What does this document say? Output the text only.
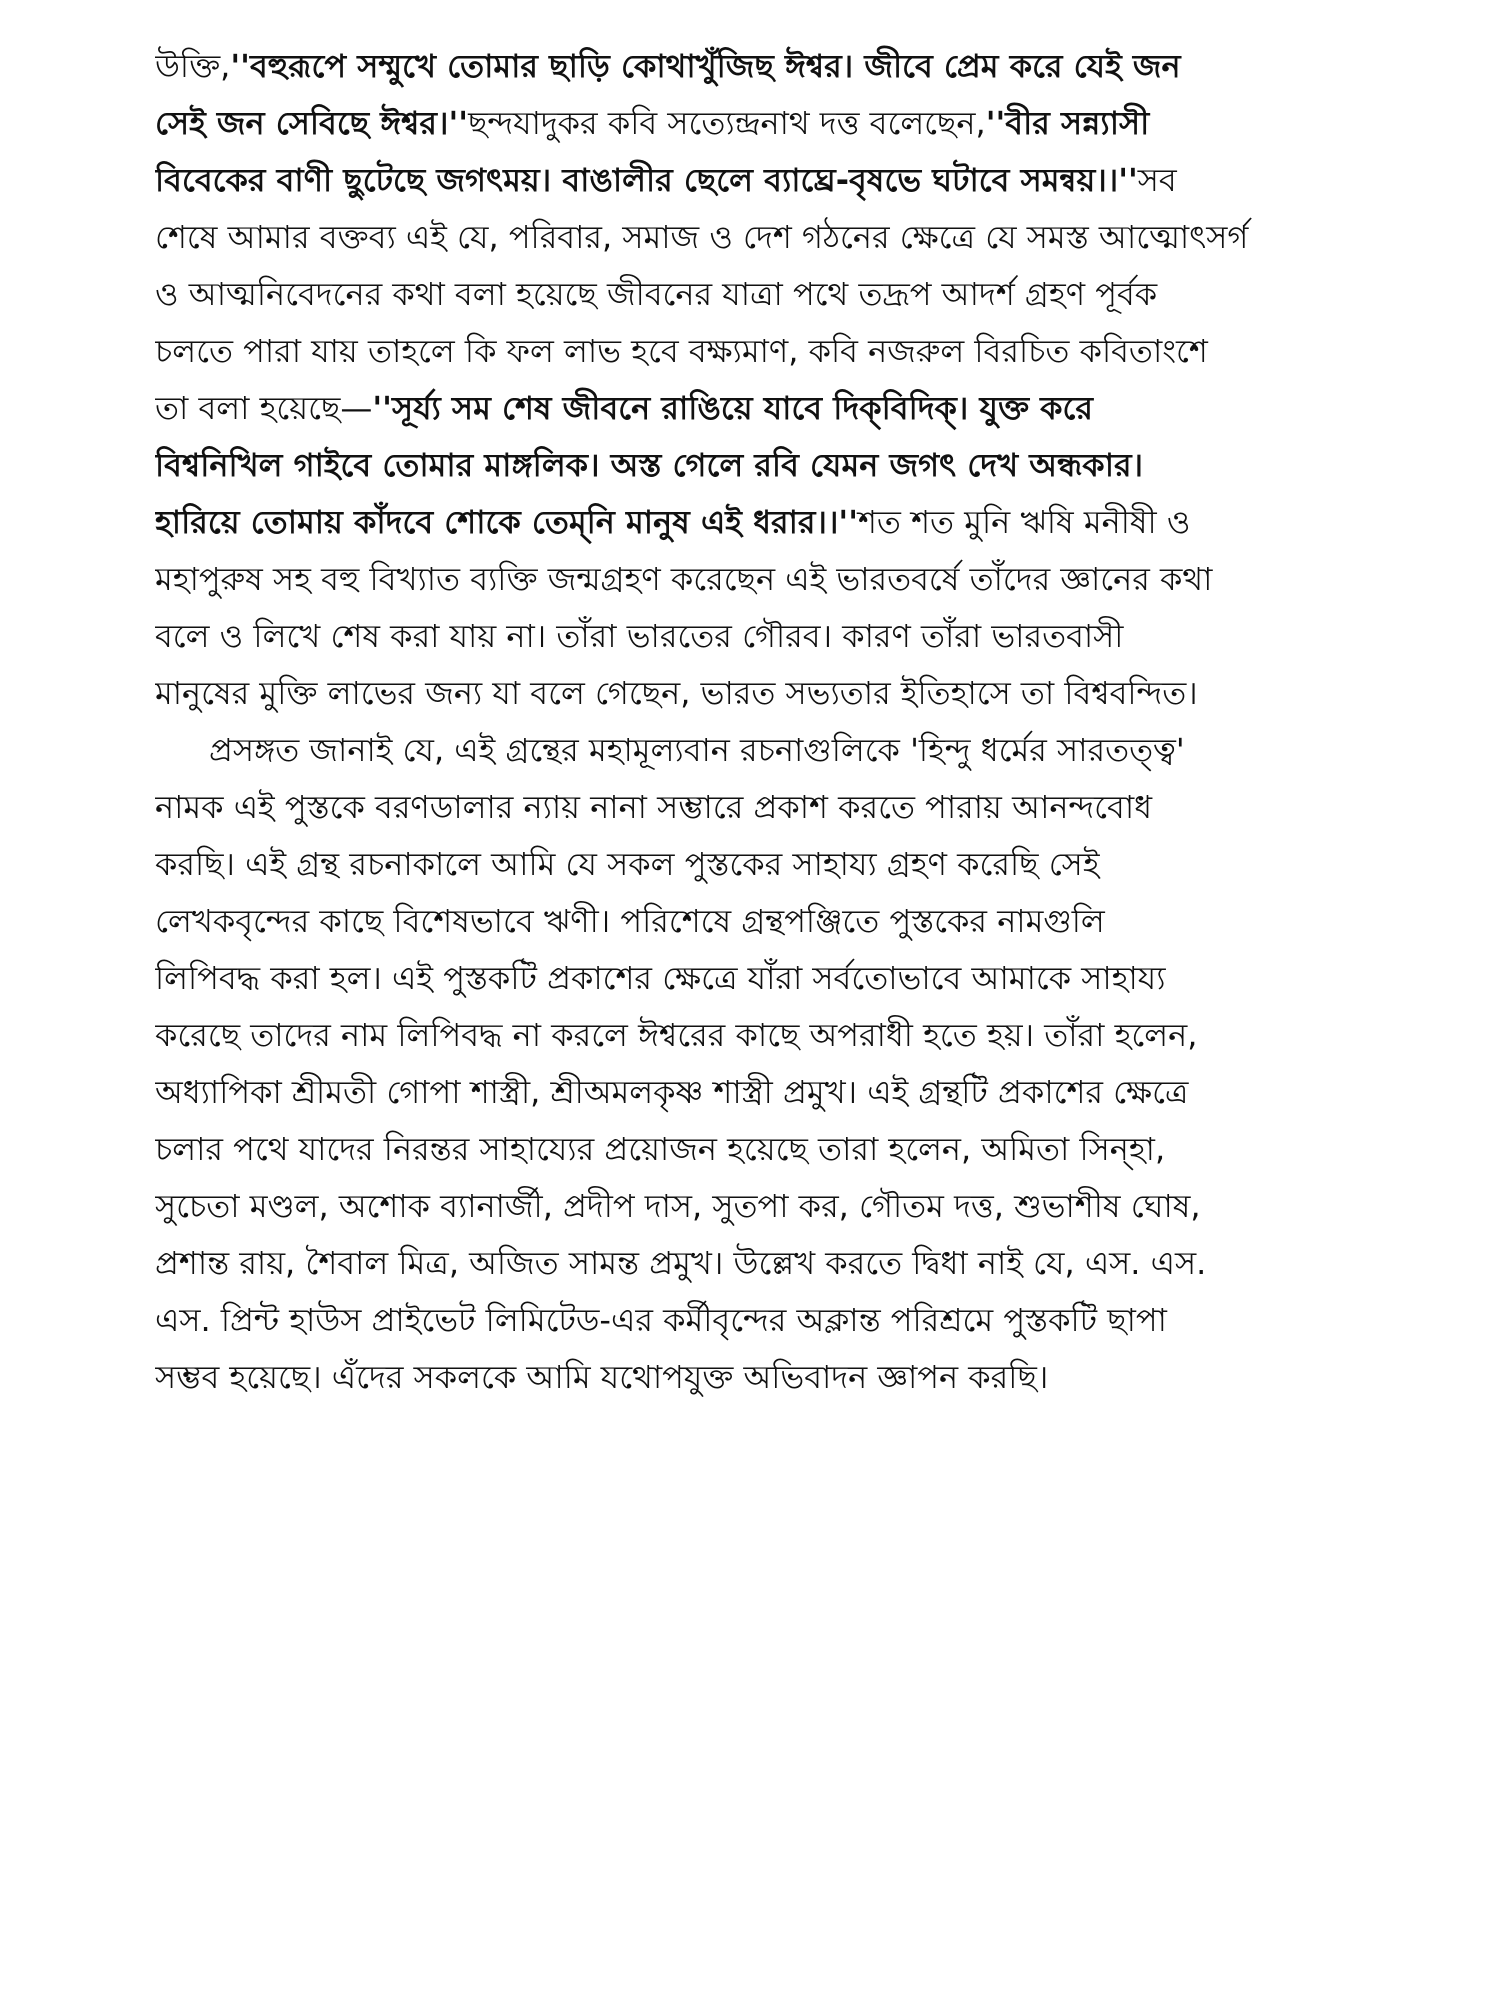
উক্তি,''বহুরূপে সম্মুখে তোমার ছাড়ি কোথাখুঁজিছ ঈশ্বর। জীবে প্রেম করে যেই জন
সেই জন সেবিছে ঈশ্বর।''ছন্দযাদুকর কবি সত্যেন্দ্রনাথ দত্ত বলেছেন,''বীর সন্ন্যাসী
বিবেকের বাণী ছুটেছে জগৎময়। বাঙালীর ছেলে ব্যাঘ্রে-বৃষভে ঘটাবে সমন্বয়।।''সব
শেষে আমার বক্তব্য এই যে, পরিবার, সমাজ ও দেশ গঠনের ক্ষেত্রে যে সমস্ত আত্মোৎসর্গ
ও আত্মনিবেদনের কথা বলা হয়েছে জীবনের যাত্রা পথে তদ্রূপ আদর্শ গ্রহণ পূর্বক
চলতে পারা যায় তাহলে কি ফল লাভ হবে বক্ষ্যমাণ, কবি নজরুল বিরচিত কবিতাংশে
তা বলা হয়েছে—''সূর্য্য সম শেষ জীবনে রাঙিয়ে যাবে দিক্‌বিদিক্। যুক্ত করে
বিশ্বনিখিল গাইবে তোমার মাঙ্গলিক। অস্ত গেলে রবি যেমন জগৎ দেখ অন্ধকার।
হারিয়ে তোমায় কাঁদবে শোকে তেম্‌নি মানুষ এই ধরার।।''শত শত মুনি ঋষি মনীষী ও
মহাপুরুষ সহ বহু বিখ্যাত ব্যক্তি জন্মগ্রহণ করেছেন এই ভারতবর্ষে তাঁদের জ্ঞানের কথা
বলে ও লিখে শেষ করা যায় না। তাঁরা ভারতের গৌরব। কারণ তাঁরা ভারতবাসী
মানুষের মুক্তি লাভের জন্য যা বলে গেছেন, ভারত সভ্যতার ইতিহাসে তা বিশ্ববন্দিত।
প্রসঙ্গত জানাই যে, এই গ্রন্থের মহামূল্যবান রচনাগুলিকে 'হিন্দু ধর্মের সারতত্ত্ব'
নামক এই পুস্তকে বরণডালার ন্যায় নানা সম্ভারে প্রকাশ করতে পারায় আনন্দবোধ
করছি। এই গ্রন্থ রচনাকালে আমি যে সকল পুস্তকের সাহায্য গ্রহণ করেছি সেই
লেখকবৃন্দের কাছে বিশেষভাবে ঋণী। পরিশেষে গ্রন্থপঞ্জিতে পুস্তকের নামগুলি
লিপিবদ্ধ করা হল। এই পুস্তকটি প্রকাশের ক্ষেত্রে যাঁরা সর্বতোভাবে আমাকে সাহায্য
করেছে তাদের নাম লিপিবদ্ধ না করলে ঈশ্বরের কাছে অপরাধী হতে হয়। তাঁরা হলেন,
অধ্যাপিকা শ্রীমতী গোপা শাস্ত্রী, শ্রীঅমলকৃষ্ণ শাস্ত্রী প্রমুখ। এই গ্রন্থটি প্রকাশের ক্ষেত্রে
চলার পথে যাদের নিরন্তর সাহায্যের প্রয়োজন হয়েছে তারা হলেন, অমিতা সিন্‌হা,
সুচেতা মণ্ডল, অশোক ব্যানার্জী, প্রদীপ দাস, সুতপা কর, গৌতম দত্ত, শুভাশীষ ঘোষ,
প্রশান্ত রায়, শৈবাল মিত্র, অজিত সামন্ত প্রমুখ। উল্লেখ করতে দ্বিধা নাই যে, এস. এস.
এস. প্রিন্ট হাউস প্রাইভেট লিমিটেড-এর কর্মীবৃন্দের অক্লান্ত পরিশ্রমে পুস্তকটি ছাপা
সম্ভব হয়েছে। এঁদের সকলকে আমি যথোপযুক্ত অভিবাদন জ্ঞাপন করছি।
